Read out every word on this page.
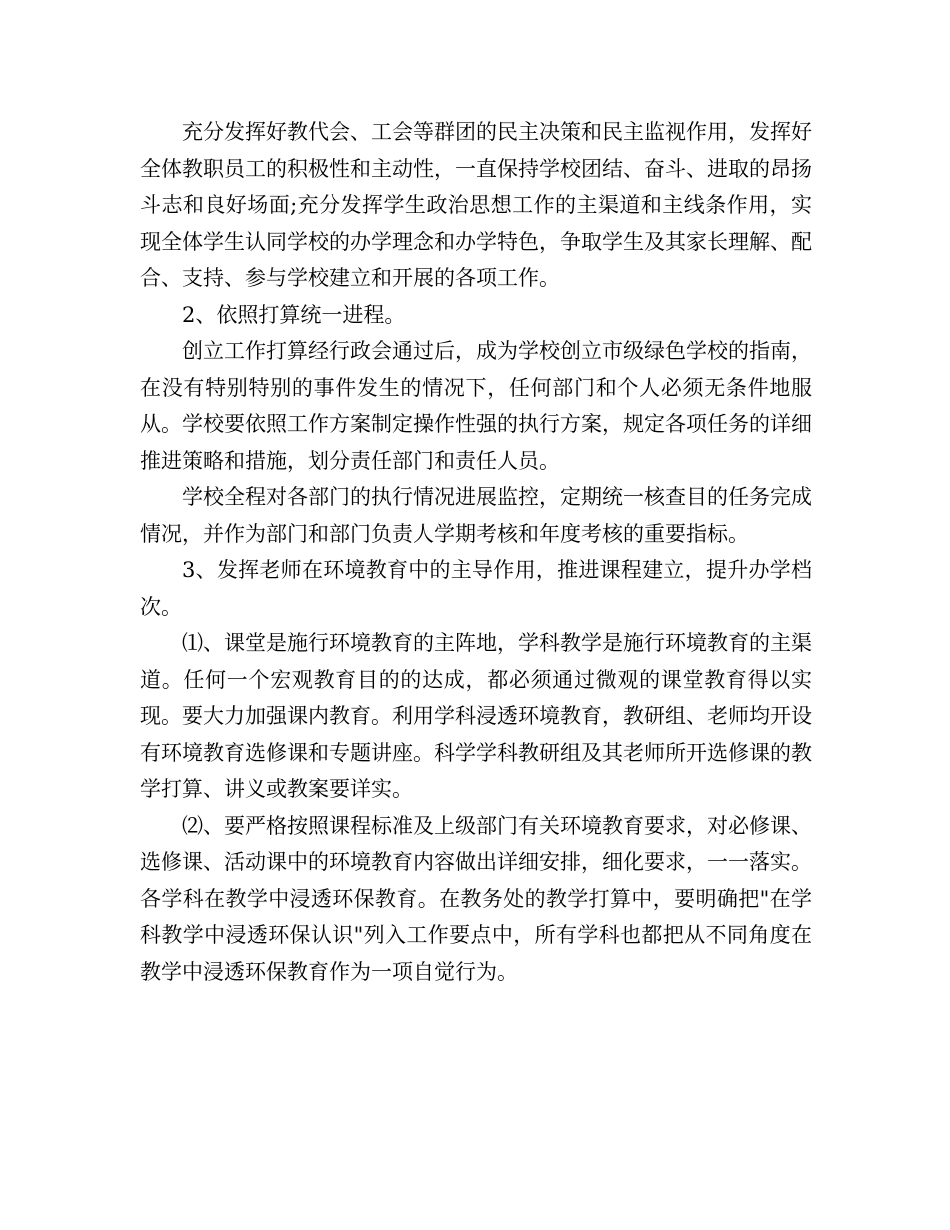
充分发挥好教代会、工会等群团的民主决策和民主监视作用，发挥好全体教职员工的积极性和主动性，一直保持学校团结、奋斗、进取的昂扬斗志和良好场面;充分发挥学生政治思想工作的主渠道和主线条作用，实现全体学生认同学校的办学理念和办学特色，争取学生及其家长理解、配合、支持、参与学校建立和开展的各项工作。

2、依照打算统一进程。

创立工作打算经行政会通过后，成为学校创立市级绿色学校的指南，在没有特别特别的事件发生的情况下，任何部门和个人必须无条件地服从。学校要依照工作方案制定操作性强的执行方案，规定各项任务的详细推进策略和措施，划分责任部门和责任人员。

学校全程对各部门的执行情况进展监控，定期统一核查目的任务完成情况，并作为部门和部门负责人学期考核和年度考核的重要指标。

3、发挥老师在环境教育中的主导作用，推进课程建立，提升办学档次。

⑴、课堂是施行环境教育的主阵地，学科教学是施行环境教育的主渠道。任何一个宏观教育目的的达成，都必须通过微观的课堂教育得以实现。要大力加强课内教育。利用学科浸透环境教育，教研组、老师均开设有环境教育选修课和专题讲座。科学学科教研组及其老师所开选修课的教学打算、讲义或教案要详实。

⑵、要严格按照课程标准及上级部门有关环境教育要求，对必修课、选修课、活动课中的环境教育内容做出详细安排，细化要求，一一落实。各学科在教学中浸透环保教育。在教务处的教学打算中，要明确把"在学科教学中浸透环保认识"列入工作要点中，所有学科也都把从不同角度在教学中浸透环保教育作为一项自觉行为。
